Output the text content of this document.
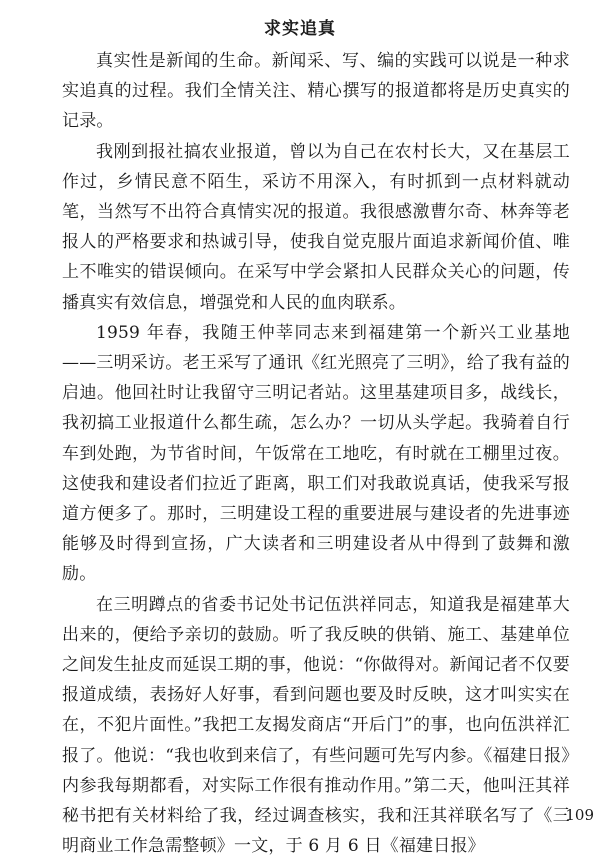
求实追真

真实性是新闻的生命。新闻采、写、编的实践可以说是一种求实追真的过程。我们全情关注、精心撰写的报道都将是历史真实的记录。

我刚到报社搞农业报道，曾以为自己在农村长大，又在基层工作过，乡情民意不陌生，采访不用深入，有时抓到一点材料就动笔，当然写不出符合真情实况的报道。我很感激曹尔奇、林奔等老报人的严格要求和热诚引导，使我自觉克服片面追求新闻价值、唯上不唯实的错误倾向。在采写中学会紧扣人民群众关心的问题，传播真实有效信息，增强党和人民的血肉联系。

1959 年春，我随王仲莘同志来到福建第一个新兴工业基地——三明采访。老王采写了通讯《红光照亮了三明》，给了我有益的启迪。他回社时让我留守三明记者站。这里基建项目多，战线长，我初搞工业报道什么都生疏，怎么办？一切从头学起。我骑着自行车到处跑，为节省时间，午饭常在工地吃，有时就在工棚里过夜。这使我和建设者们拉近了距离，职工们对我敢说真话，使我采写报道方便多了。那时，三明建设工程的重要进展与建设者的先进事迹能够及时得到宣扬，广大读者和三明建设者从中得到了鼓舞和激励。

在三明蹲点的省委书记处书记伍洪祥同志，知道我是福建革大出来的，便给予亲切的鼓励。听了我反映的供销、施工、基建单位之间发生扯皮而延误工期的事，他说：“你做得对。新闻记者不仅要报道成绩，表扬好人好事，看到问题也要及时反映，这才叫实实在在，不犯片面性。”我把工友揭发商店“开后门”的事，也向伍洪祥汇报了。他说：“我也收到来信了，有些问题可先写内参。《福建日报》内参我每期都看，对实际工作很有推动作用。”第二天，他叫汪其祥秘书把有关材料给了我，经过调查核实，我和汪其祥联名写了《三明商业工作急需整顿》一文，于 6 月 6 日《福建日报》

109
